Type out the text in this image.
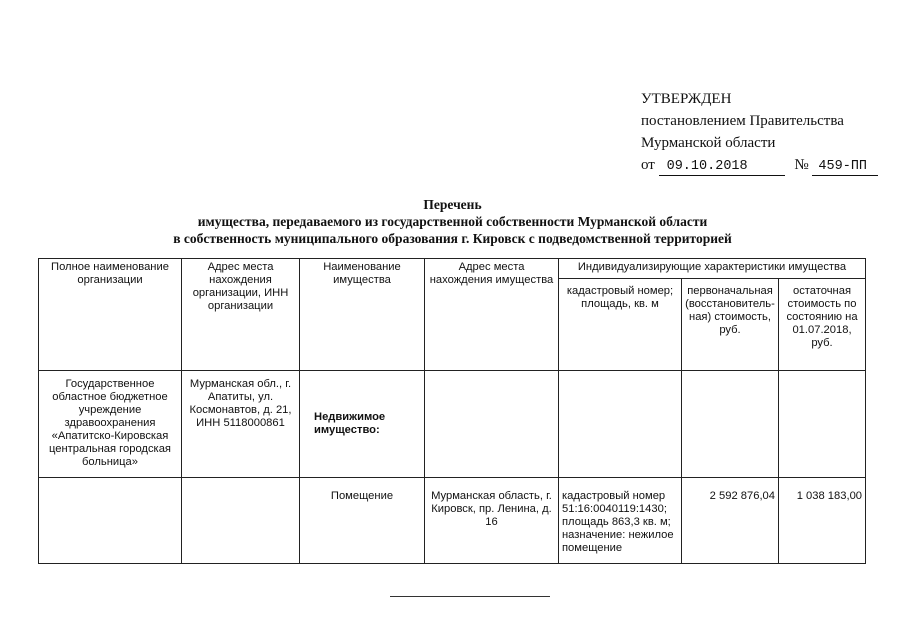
УТВЕРЖДЕН
постановлением Правительства
Мурманской области
от 09.10.2018	№ 459-ПП
Перечень
имущества, передаваемого из государственной собственности Мурманской области
в собственность муниципального образования г. Кировск с подведомственной территорией
Полное наименование организации	Адрес места нахождения организации, ИНН организации	Наименование имущества	Адрес места нахождения имущества	Индивидуализирующие характеристики имущества		
				кадастровый номер; площадь, кв. м	первоначальная (восстановитель-ная) стоимость, руб.	остаточная стоимость по состоянию на 01.07.2018, руб.
Государственное областное бюджетное учреждение здравоохранения «Апатитско-Кировская центральная городская больница»	Мурманская обл., г. Апатиты, ул. Космонавтов, д. 21, ИНН 5118000861	Недвижимое имущество:				
		Помещение	Мурманская область, г. Кировск, пр. Ленина, д. 16	кадастровый номер 51:16:0040119:1430; площадь 863,3 кв. м; назначение: нежилое помещение	2 592 876,04	1 038 183,00
